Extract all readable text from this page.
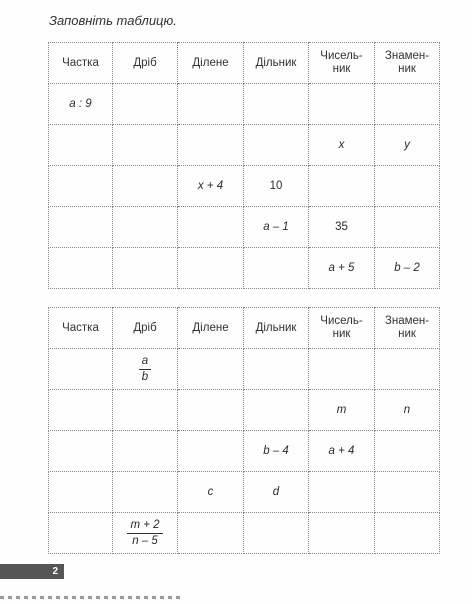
Заповніть таблицю.
Частка	Дріб	Ділене	Дільник	Чисель-
ник	Знамен-
ник
a : 9					
				x	y
		x + 4	10		
			a – 1	35	
				a + 5	b – 2
Частка	Дріб	Ділене	Дільник	Чисель-
ник	Знамен-
ник

	$\frac{a}{b}$

				m	n
			b – 4	a + 4	
		c	d		

	$\frac{m + 2}{n - 5}$

2
